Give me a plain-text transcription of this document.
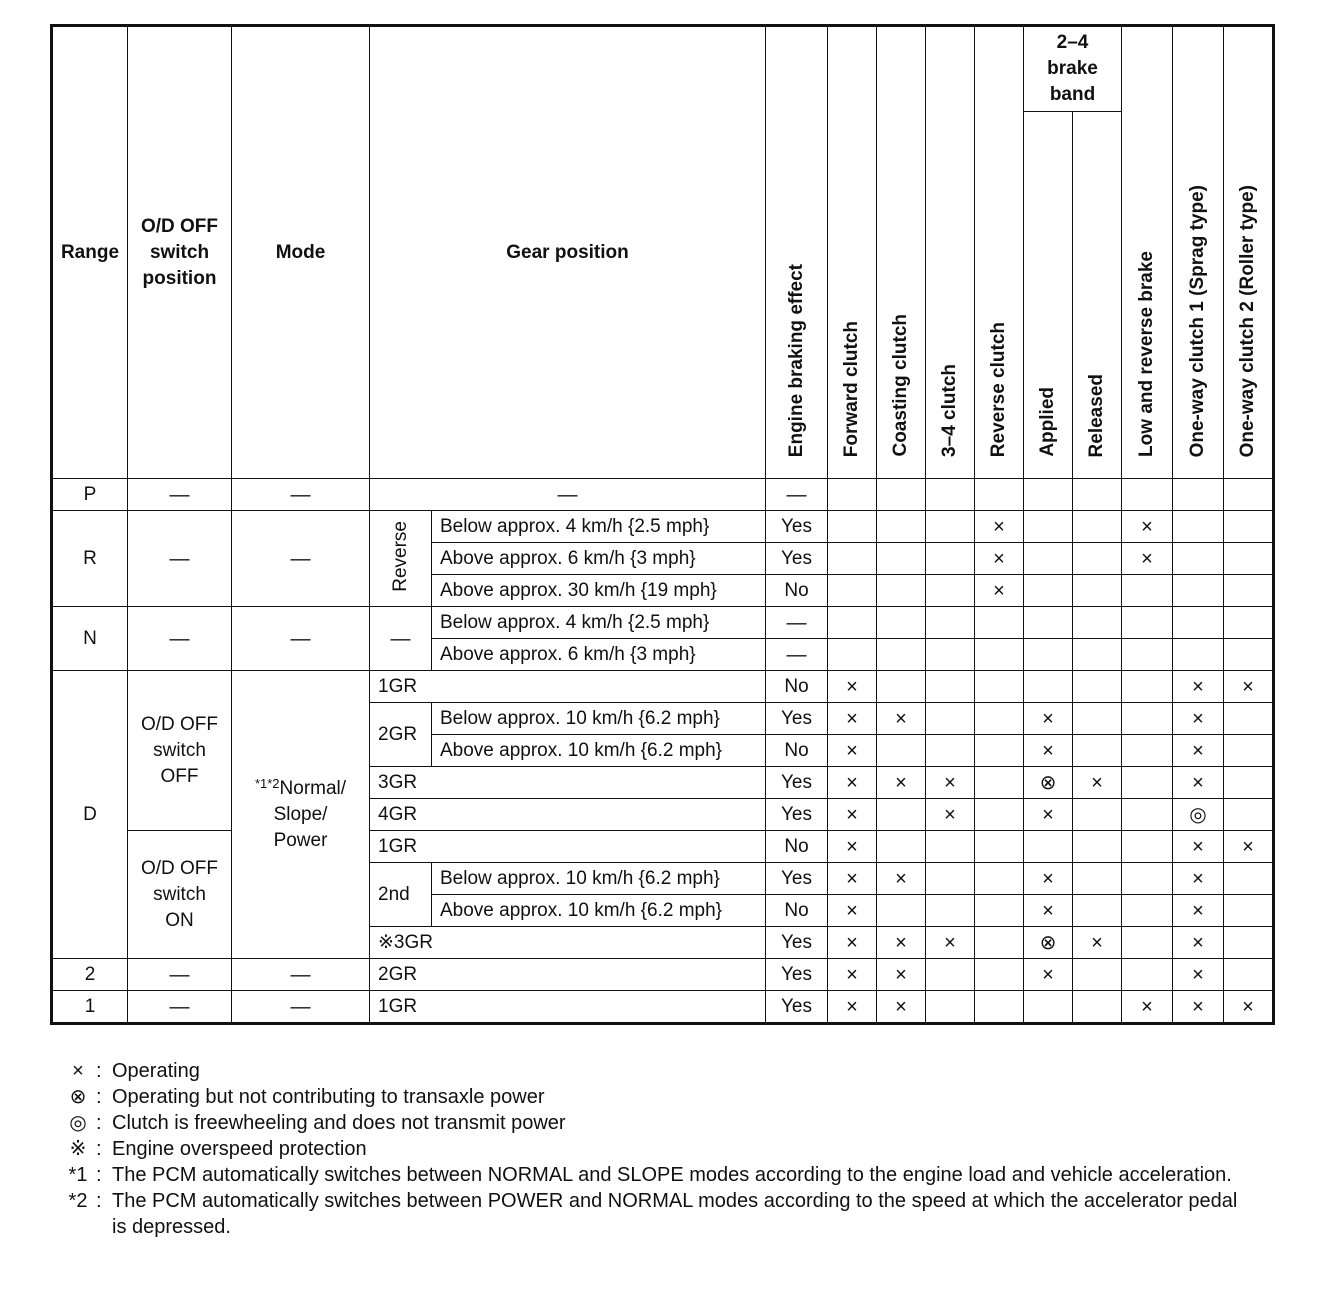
Range	O/D OFF
switch
position	Mode	Gear position		Engine braking effect	Forward clutch	Coasting clutch	3–4 clutch	Reverse clutch	2–4
brake
band		Low and reverse brake	One-way clutch 1 (Sprag type)	One-way clutch 2 (Roller type)
										Applied	Released			
P	—	—	—		—									
R	—	—	Reverse	Below approx. 4 km/h {2.5 mph}	Yes				×			×		
				Above approx. 6 km/h {3 mph}	Yes				×			×		
				Above approx. 30 km/h {19 mph}	No				×					
N	—	—	—	Below approx. 4 km/h {2.5 mph}	—									
				Above approx. 6 km/h {3 mph}	—									
D	O/D OFF
switch
OFF	$^{*1*2}$Normal/
Slope/
Power	1GR		No	×							×	×
			2GR	Below approx. 10 km/h {6.2 mph}	Yes	×	×			×			×	
				Above approx. 10 km/h {6.2 mph}	No	×				×			×	
			3GR		Yes	×	×	×		⊗	×		×	
			4GR		Yes	×		×		×			◎	
	O/D OFF
switch
ON		1GR		No	×							×	×
			2nd	Below approx. 10 km/h {6.2 mph}	Yes	×	×			×			×	
				Above approx. 10 km/h {6.2 mph}	No	×				×			×	
			※3GR		Yes	×	×	×		⊗	×		×	
2	—	—	2GR		Yes	×	×			×			×	
1	—	—	1GR		Yes	×	×					×	×	×
× : Operating
⊗ : Operating but not contributing to transaxle power
◎ : Clutch is freewheeling and does not transmit power
※ : Engine overspeed protection
*1 : The PCM automatically switches between NORMAL and SLOPE modes according to the engine load and vehicle acceleration.
*2 : The PCM automatically switches between POWER and NORMAL modes according to the speed at which the accelerator pedal is depressed.
